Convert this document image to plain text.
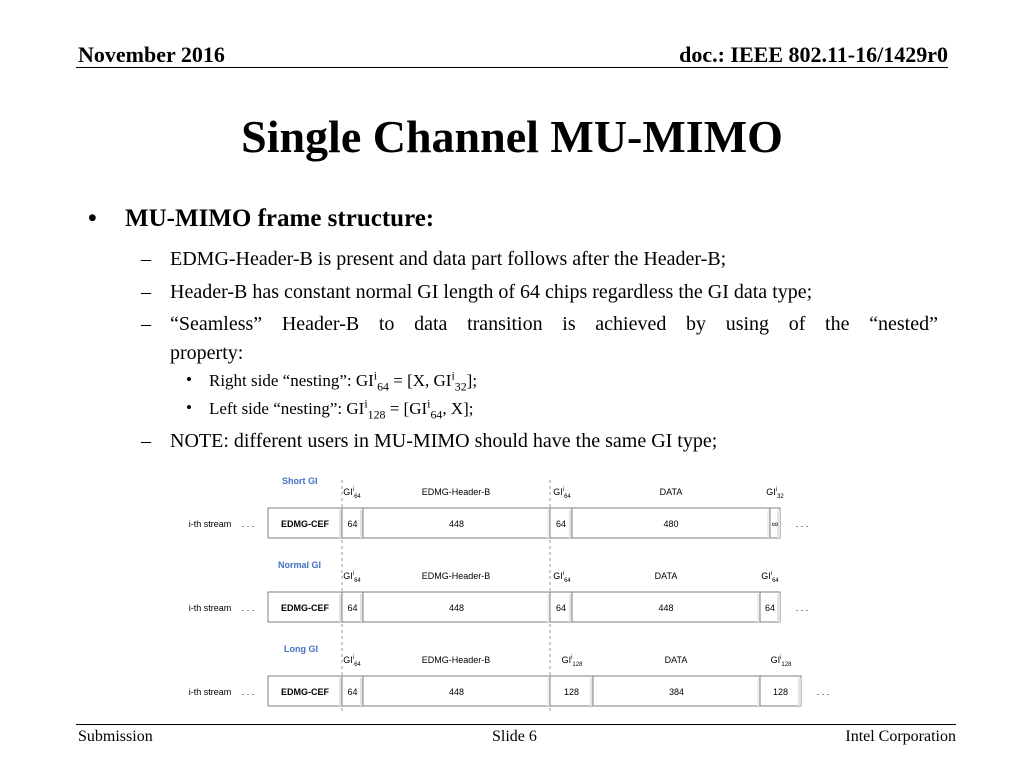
November 2016	doc.: IEEE 802.11-16/1429r0
Single Channel MU-MIMO
• MU-MIMO frame structure:
– EDMG-Header-B is present and data part follows after the Header-B;
– Header-B has constant normal GI length of 64 chips regardless the GI data type;
– “Seamless” Header-B to data transition is achieved by using of the “nested”
property:
• Right side “nesting”: $GI^i_{64} = [X$, $GI^i_{32}$];
• Left side “nesting”: $GI^i_{128} = [GI^i_{64}$, X];
– NOTE: different users in MU-MIMO should have the same GI type;
Short GI
$GI^i_{64}$	EDMG-Header-B	$GI^i_{64}$	DATA	$GI^i_{32}$
i-th stream . . .	EDMG-CEF 64	448	64	480	∞ . . .
Normal GI
$GI^i_{64}$	EDMG-Header-B	$GI^i_{64}$	DATA	$GI^i_{64}$
i-th stream . . .	EDMG-CEF 64	448	64	448	64 . . .
Long GI
$GI^i_{64}$	EDMG-Header-B	$GI^i_{128}$	DATA	$GI^i_{128}$
i-th stream . . .	EDMG-CEF 64	448	128	384	128	. . .
Submission	Slide 6	Intel Corporation
